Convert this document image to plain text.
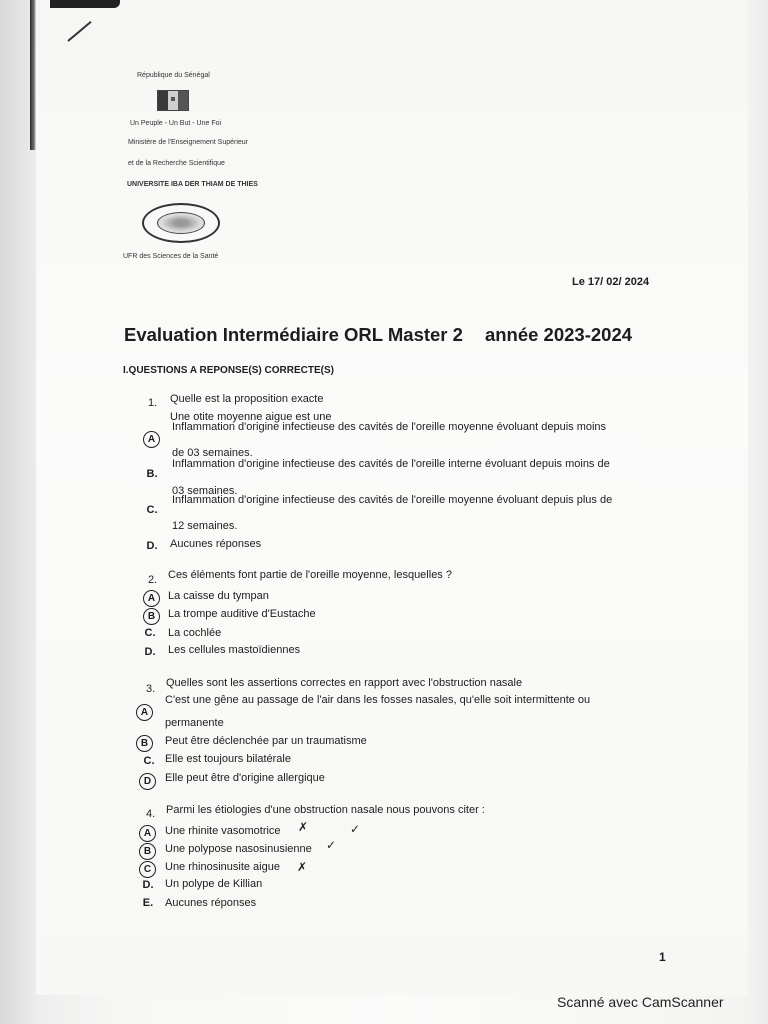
République du Sénégal
Un Peuple - Un But - Une Foi
Ministère de l'Enseignement Supérieur
et de la Recherche Scientifique
UNIVERSITE IBA DER THIAM DE THIES
UFR des Sciences de la Santé
Le 17/ 02/ 2024
Evaluation Intermédiaire ORL Master 2 année 2023-2024
I.QUESTIONS A REPONSE(S) CORRECTE(S)
1. Quelle est la proposition exacte
Une otite moyenne aigue est une
A
Inflammation d'origine infectieuse des cavités de l'oreille moyenne évoluant depuis moins
de 03 semaines.
B.
Inflammation d'origine infectieuse des cavités de l'oreille interne évoluant depuis moins de
03 semaines.
C.
Inflammation d'origine infectieuse des cavités de l'oreille moyenne évoluant depuis plus de
12 semaines.
D. Aucunes réponses
2. Ces éléments font partie de l'oreille moyenne, lesquelles ?
A	La caisse du tympan
B	La trompe auditive d'Eustache
C. La cochlée
D. Les cellules mastoïdiennes
3. Quelles sont les assertions correctes en rapport avec l'obstruction nasale
A
C'est une gêne au passage de l'air dans les fosses nasales, qu'elle soit intermittente ou
permanente
B	Peut être déclenchée par un traumatisme
C. Elle est toujours bilatérale
D	Elle peut être d'origine allergique
4. Parmi les étiologies d'une obstruction nasale nous pouvons citer :
A	Une rhinite vasomotrice ✗	✓
B	Une polypose nasosinusienne ✓
C	Une rhinosinusite aigue ✗
D. Un polype de Killian
E. Aucunes réponses
1
Scanné avec CamScanner
